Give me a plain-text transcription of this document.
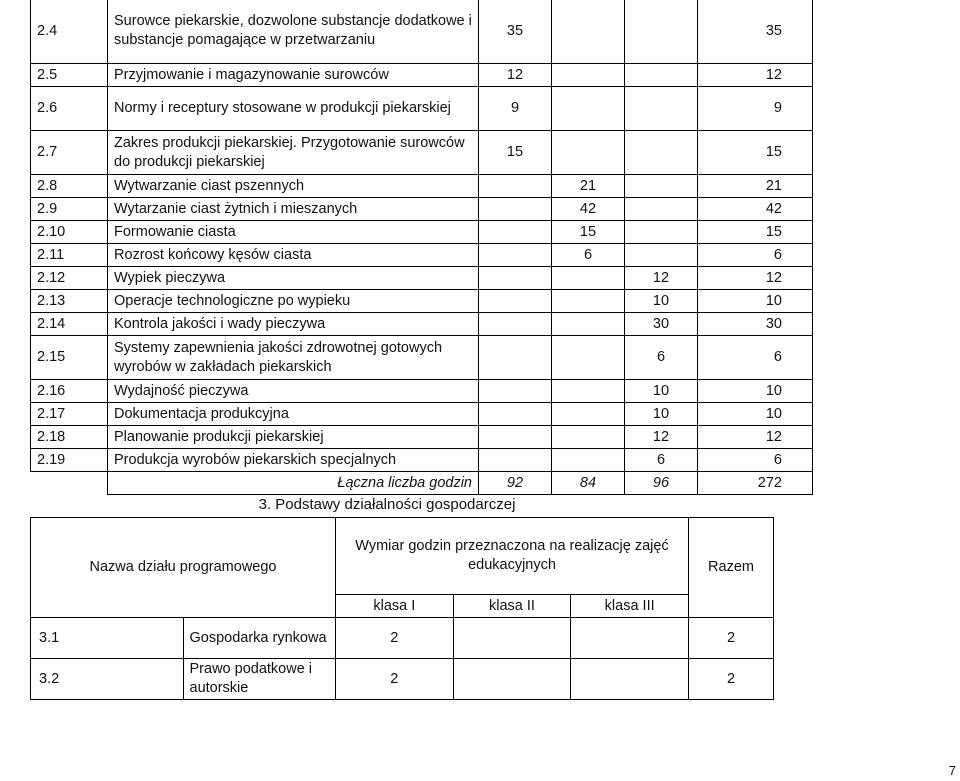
2.4	Surowce piekarskie, dozwolone substancje dodatkowe i substancje pomagające w przetwarzaniu	35			35
2.5	Przyjmowanie i magazynowanie surowców	12			12
2.6	Normy i receptury stosowane w produkcji piekarskiej	9			9
2.7	Zakres produkcji piekarskiej. Przygotowanie surowców do produkcji piekarskiej	15			15
2.8	Wytwarzanie ciast pszennych		21		21
2.9	Wytarzanie ciast żytnich i mieszanych		42		42
2.10	Formowanie ciasta		15		15
2.11	Rozrost końcowy kęsów ciasta		6		6
2.12	Wypiek pieczywa			12	12
2.13	Operacje technologiczne po wypieku			10	10
2.14	Kontrola jakości i wady pieczywa			30	30
2.15	Systemy zapewnienia jakości zdrowotnej gotowych wyrobów w zakładach piekarskich			6	6
2.16	Wydajność pieczywa			10	10
2.17	Dokumentacja produkcyjna			10	10
2.18	Planowanie produkcji piekarskiej			12	12
2.19	Produkcja wyrobów piekarskich specjalnych			6	6
	Łączna liczba godzin	92	84	96	272
3. Podstawy działalności gospodarczej
Nazwa działu programowego		Wymiar godzin przeznaczona na realizację zajęć edukacyjnych			Razem
		klasa I	klasa II	klasa III	
3.1	Gospodarka rynkowa	2			2
3.2	Prawo podatkowe i autorskie	2			2
7
